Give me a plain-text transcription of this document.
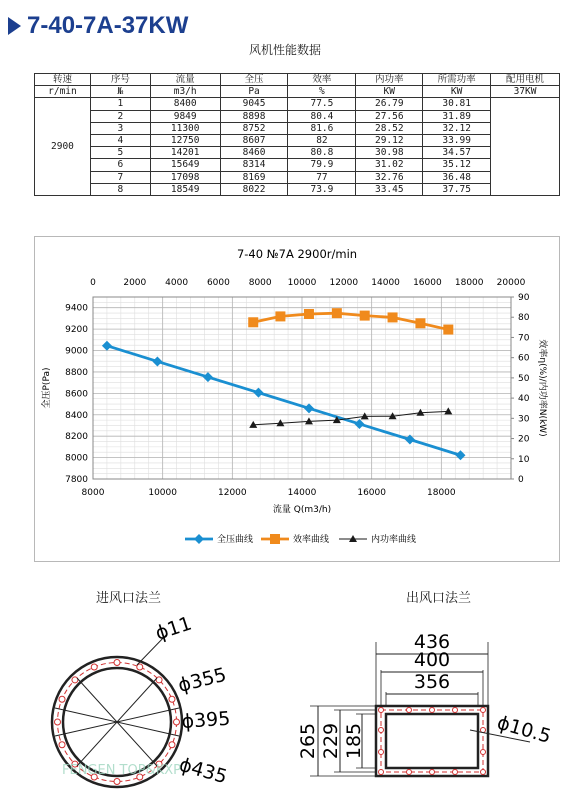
7-40-7A-37KW
风机性能数据
转速	序号	流量	全压	效率	内功率	所需功率	配用电机
r/min	№	m3/h	Pa	%	KW	KW	37KW
2900	1	8400	9045	77.5	26.79	30.81	
	2	9849	8898	80.4	27.56	31.89	
	3	11300	8752	81.6	28.52	32.12	
	4	12750	8607	82	29.12	33.99	
	5	14201	8460	80.8	30.98	34.57	
	6	15649	8314	79.9	31.02	35.12	
	7	17098	8169	77	32.76	36.48	
	8	18549	8022	73.9	33.45	37.75	
7-40 №7A 2900r/min
8000	10000	12000	14000	16000	18000
0	2000 4000 6000 8000 10000 12000 14000 16000 18000 20000
7800
8000
8200
8400
8600
8800
9000
9200
9400
0
10
20
30
40
50
60
70
80
90
流量 Q(m3/h)
全压P(Pa)	效率η(%)/内功率N(kW)
全压曲线	效率曲线	内功率曲线
进风口法兰	出风口法兰
ϕ11
ϕ355
ϕ395
ϕ435
436
400
356
265 229 185	ϕ10.5
FENGEN TOP&KXP
